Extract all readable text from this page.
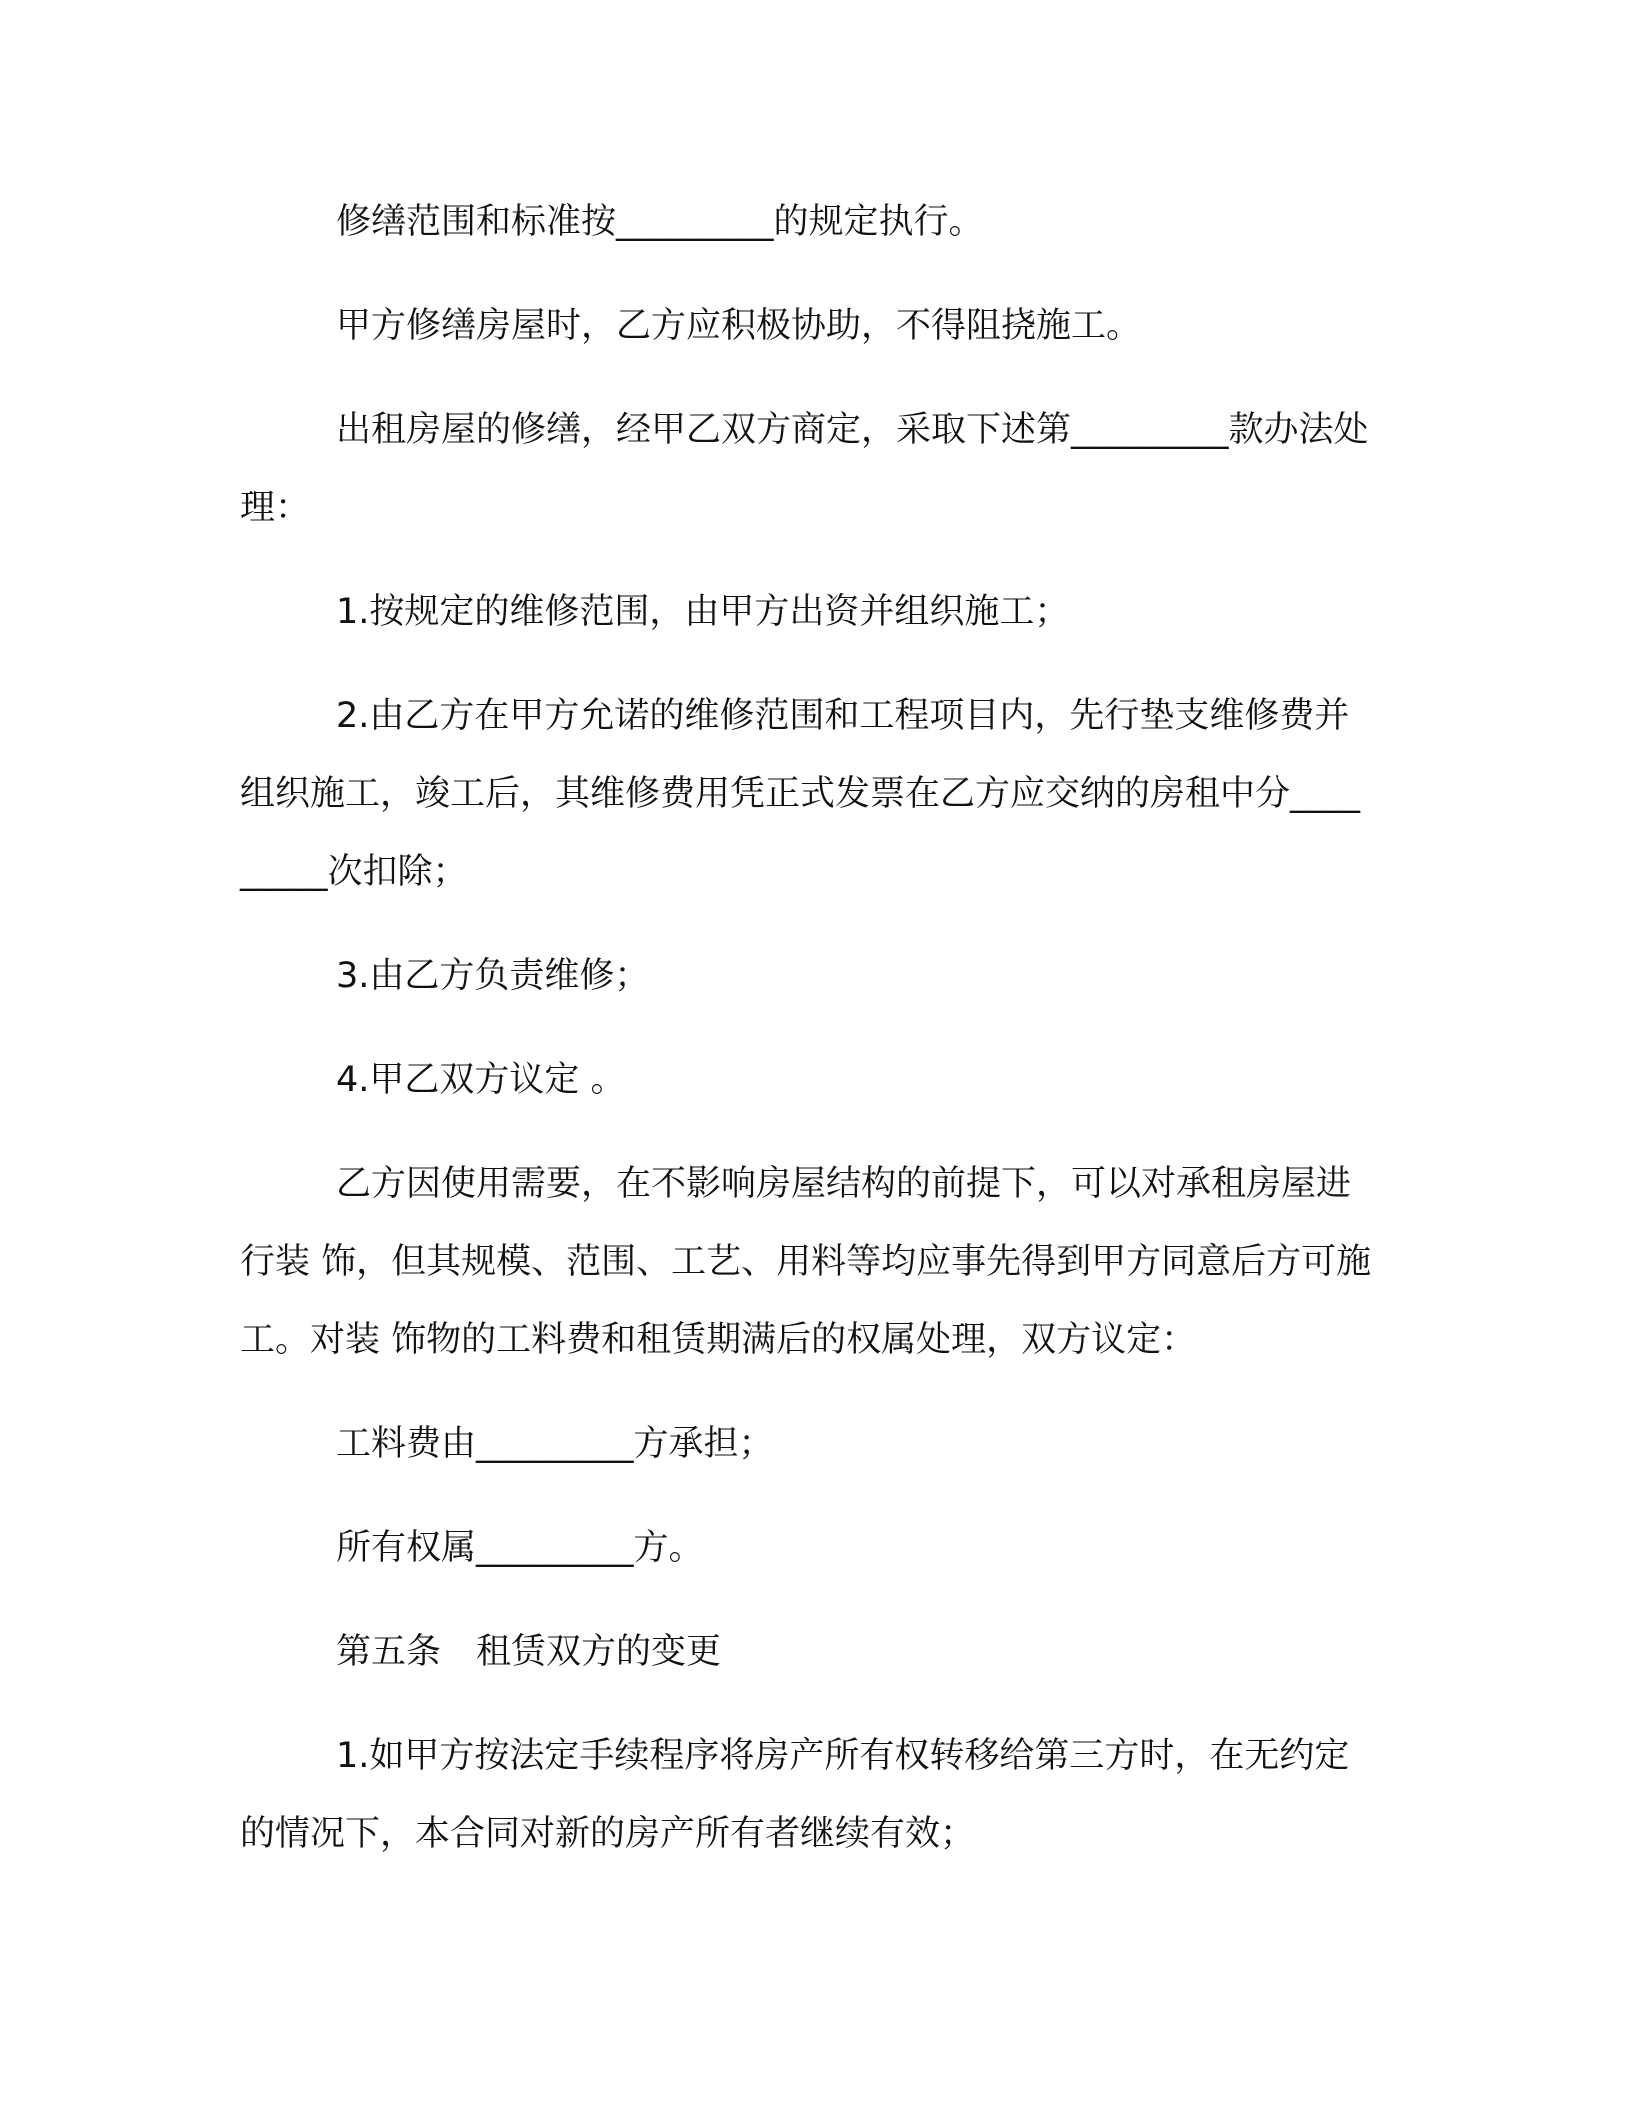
修缮范围和标准按_________的规定执行。

甲方修缮房屋时，乙方应积极协助，不得阻挠施工。

出租房屋的修缮，经甲乙双方商定，采取下述第_________款办法处理：

1.按规定的维修范围，由甲方出资并组织施工；

2.由乙方在甲方允诺的维修范围和工程项目内，先行垫支维修费并组织施工，竣工后，其维修费用凭正式发票在乙方应交纳的房租中分_________次扣除；

3.由乙方负责维修；

4.甲乙双方议定 。

乙方因使用需要，在不影响房屋结构的前提下，可以对承租房屋进行装 饰，但其规模、范围、工艺、用料等均应事先得到甲方同意后方可施工。对装 饰物的工料费和租赁期满后的权属处理，双方议定：

工料费由_________方承担；

所有权属_________方。

第五条　租赁双方的变更

1.如甲方按法定手续程序将房产所有权转移给第三方时，在无约定的情况下，本合同对新的房产所有者继续有效；
